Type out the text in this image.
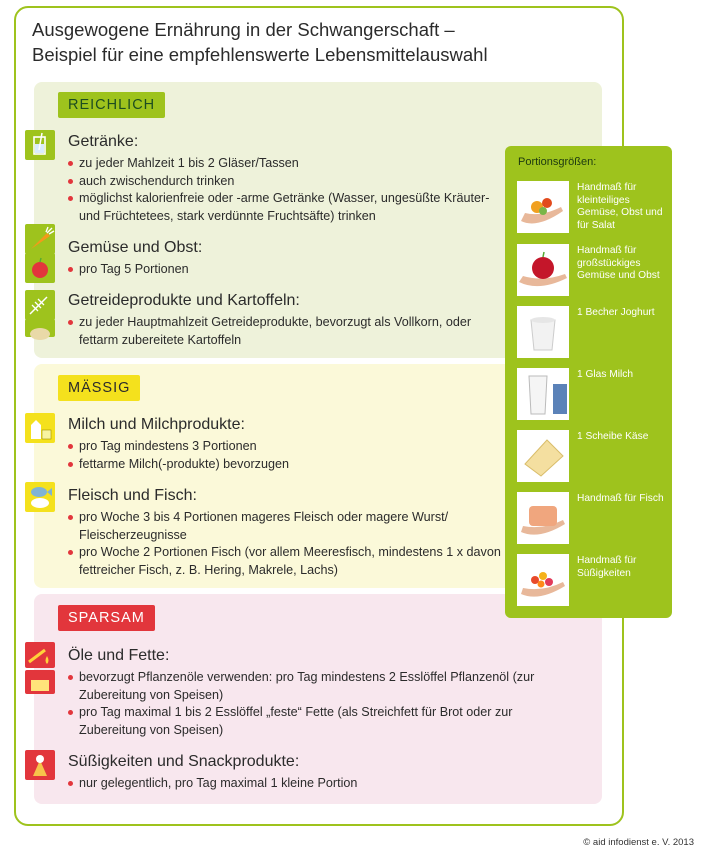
Ausgewogene Ernährung in der Schwangerschaft –
Beispiel für eine empfehlenswerte Lebensmittelauswahl
REICHLICH
MÄSSIG
SPARSAM
Getränke:
zu jeder Mahlzeit 1 bis 2 Gläser/Tassen
auch zwischendurch trinken
möglichst kalorienfreie oder -arme Getränke (Wasser, ungesüßte Kräuter- und Früchtetees, stark verdünnte Fruchtsäfte) trinken
Gemüse und Obst:
pro Tag 5 Portionen
Getreideprodukte und Kartoffeln:
zu jeder Hauptmahlzeit Getreideprodukte, bevorzugt als Vollkorn, oder fettarm zubereitete Kartoffeln
Milch und Milchprodukte:
pro Tag mindestens 3 Portionen
fettarme Milch(-produkte) bevorzugen
Fleisch und Fisch:
pro Woche 3 bis 4 Portionen mageres Fleisch oder magere Wurst/ Fleischerzeugnisse
pro Woche 2 Portionen Fisch (vor allem Meeresfisch, mindestens 1 x davon fettreicher Fisch, z. B. Hering, Makrele, Lachs)
Öle und Fette:
bevorzugt Pflanzenöle verwenden: pro Tag mindestens 2 Esslöffel Pflanzenöl (zur Zubereitung von Speisen)
pro Tag maximal 1 bis 2 Esslöffel „feste“ Fette (als Streichfett für Brot oder zur Zubereitung von Speisen)
Süßigkeiten und Snackprodukte:
nur gelegentlich, pro Tag maximal 1 kleine Portion
Portionsgrößen:
Handmaß für kleinteiliges Gemüse, Obst und für Salat
Handmaß für großstückiges Gemüse und Obst
1 Becher Joghurt
1 Glas Milch
1 Scheibe Käse
Handmaß für Fisch
Handmaß für Süßigkeiten
© aid infodienst e. V. 2013
